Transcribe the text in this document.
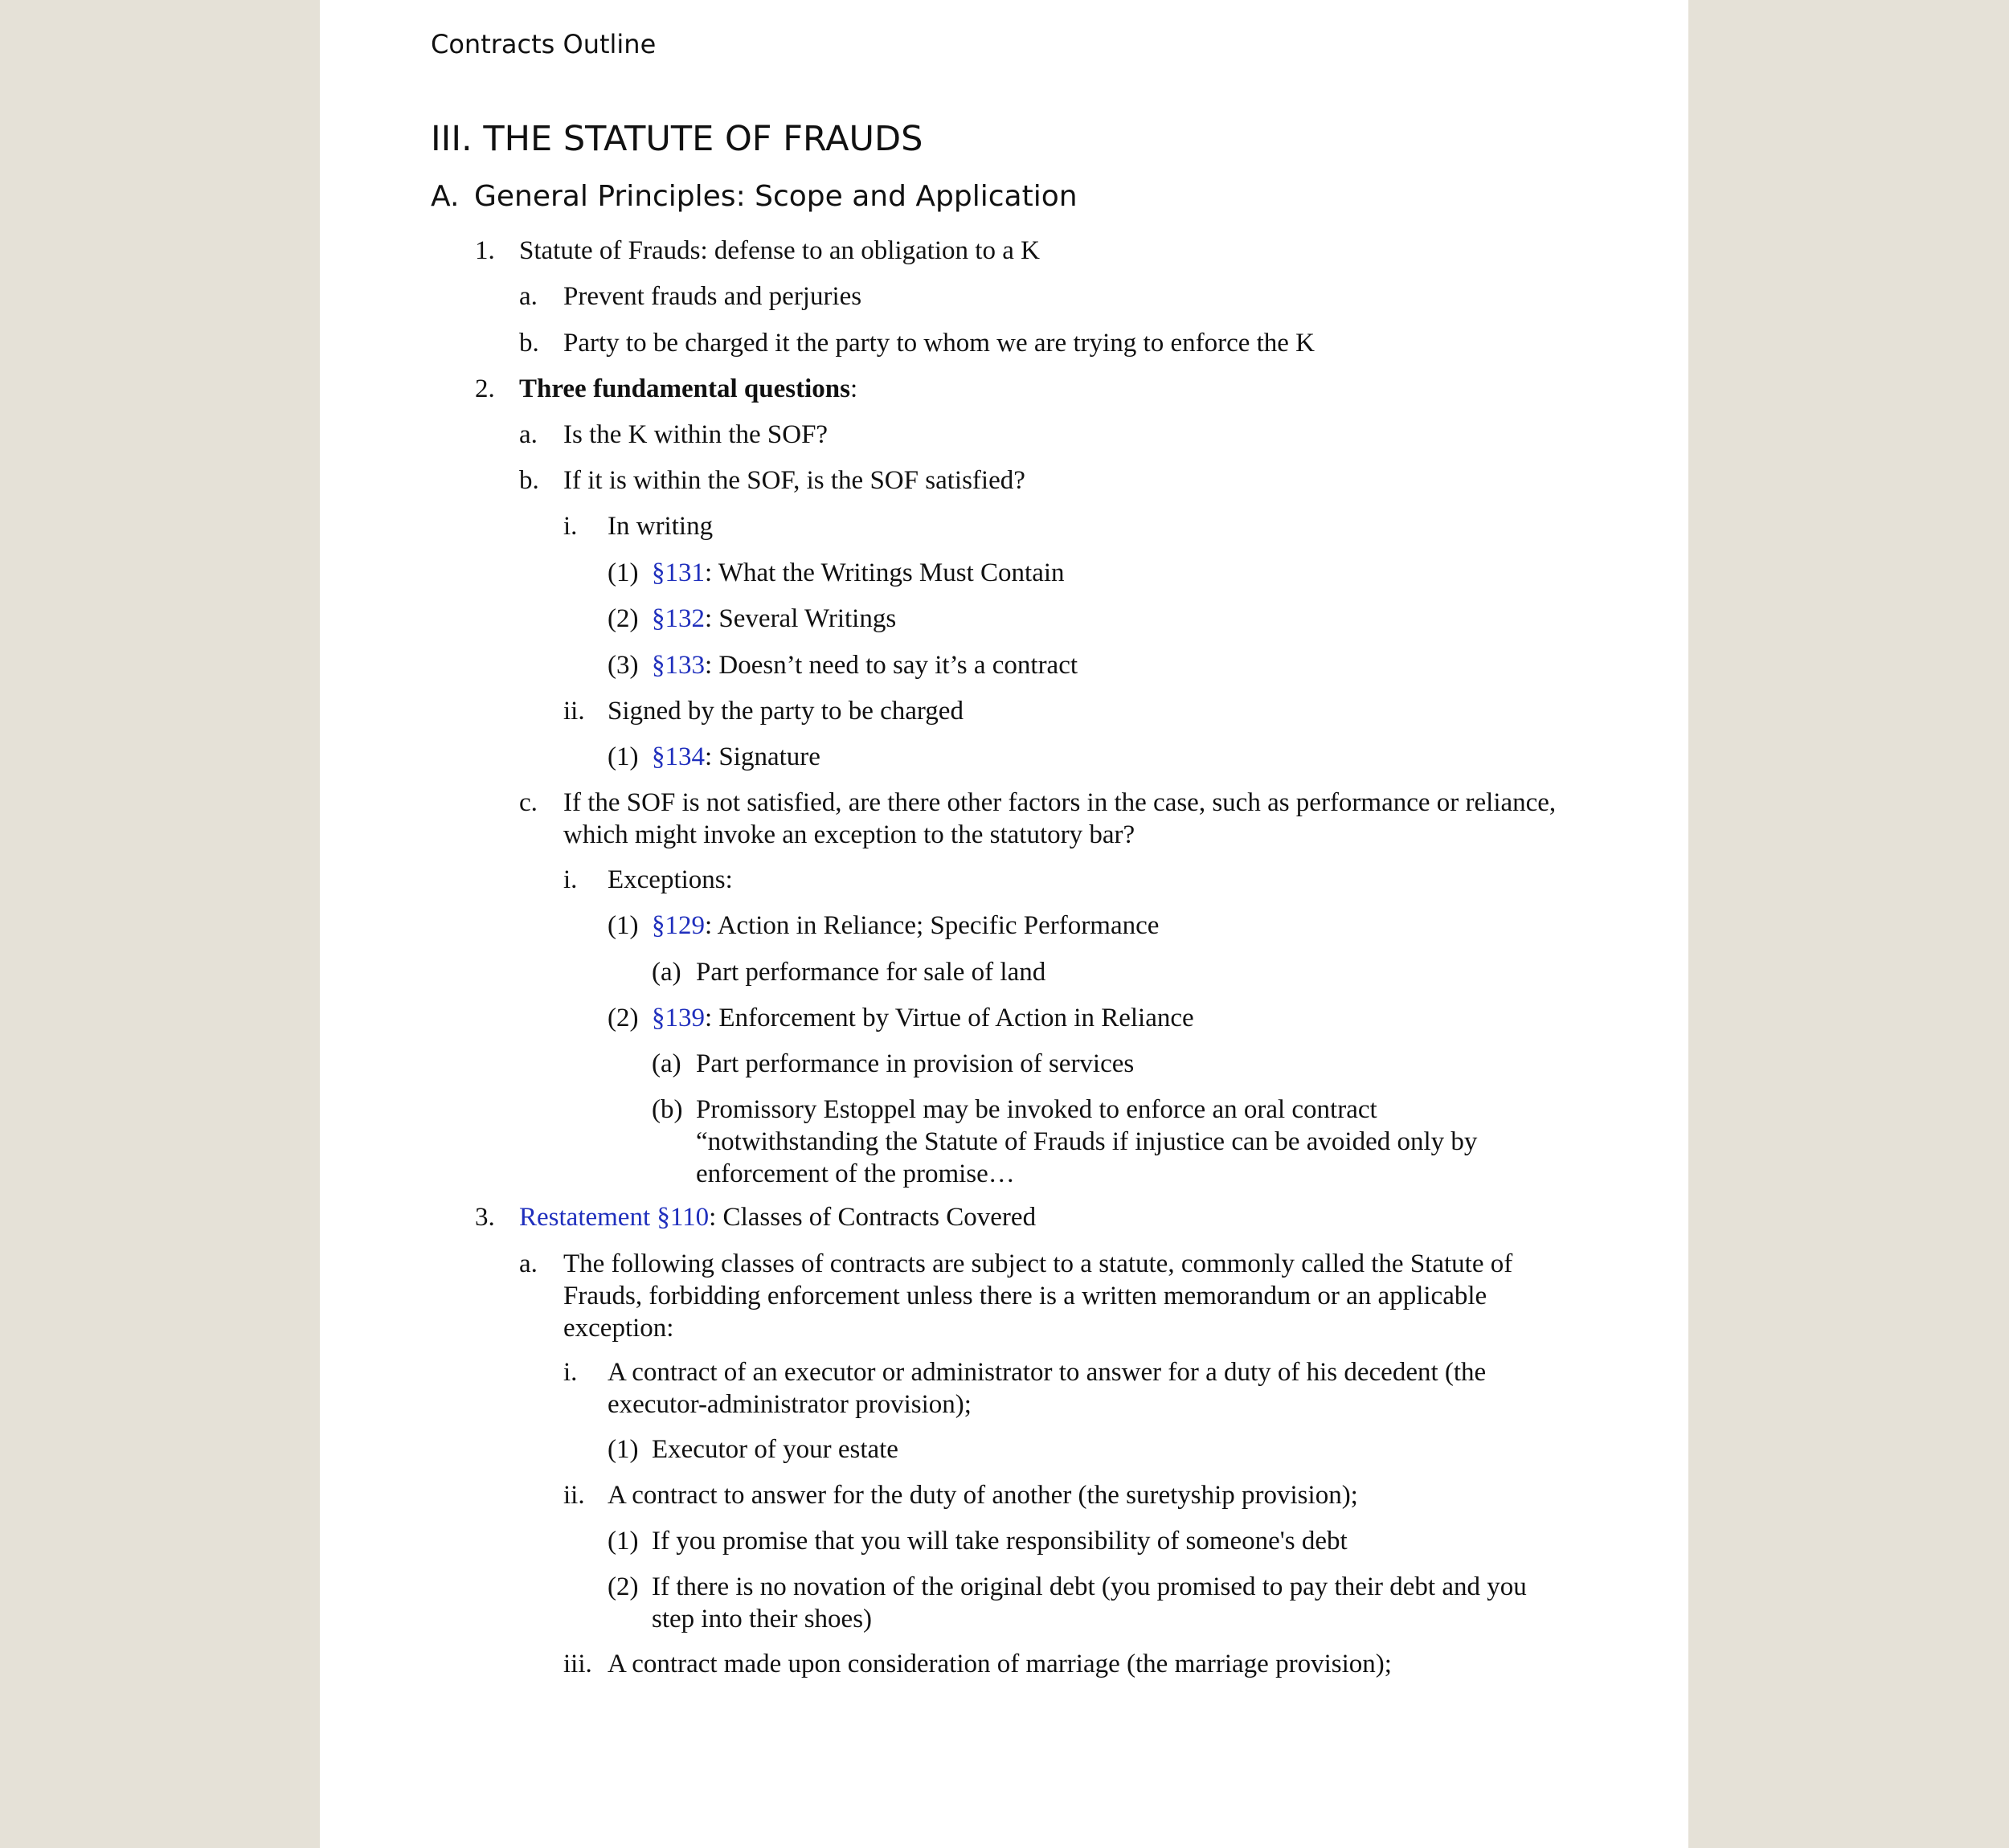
Contracts Outline
III. THE STATUTE OF FRAUDS
A. General Principles: Scope and Application
1. Statute of Frauds: defense to an obligation to a K
a. Prevent frauds and perjuries
b. Party to be charged it the party to whom we are trying to enforce the K
2. Three fundamental questions:
a. Is the K within the SOF?
b. If it is within the SOF, is the SOF satisfied?
i. In writing
(1) §131: What the Writings Must Contain
(2) §132: Several Writings
(3) §133: Doesn’t need to say it’s a contract
ii. Signed by the party to be charged
(1) §134: Signature
c. If the SOF is not satisfied, are there other factors in the case, such as performance or reliance,
which might invoke an exception to the statutory bar?
i. Exceptions:
(1) §129: Action in Reliance; Specific Performance
(a) Part performance for sale of land
(2) §139: Enforcement by Virtue of Action in Reliance
(a) Part performance in provision of services
(b) Promissory Estoppel may be invoked to enforce an oral contract
“notwithstanding the Statute of Frauds if injustice can be avoided only by
enforcement of the promise…
3. Restatement §110: Classes of Contracts Covered
a. The following classes of contracts are subject to a statute, commonly called the Statute of
Frauds, forbidding enforcement unless there is a written memorandum or an applicable
exception:
i. A contract of an executor or administrator to answer for a duty of his decedent (the
executor-administrator provision);
(1) Executor of your estate
ii. A contract to answer for the duty of another (the suretyship provision);
(1) If you promise that you will take responsibility of someone's debt
(2) If there is no novation of the original debt (you promised to pay their debt and you
step into their shoes)
iii. A contract made upon consideration of marriage (the marriage provision);
